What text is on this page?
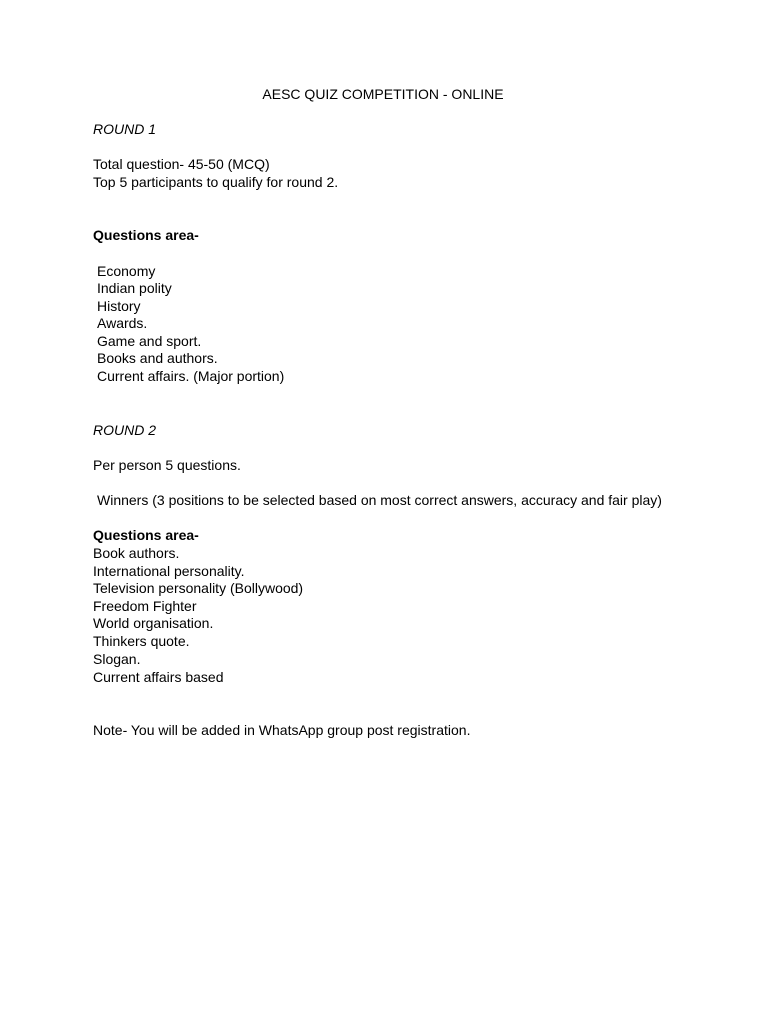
AESC QUIZ COMPETITION - ONLINE

ROUND 1

Total question- 45-50 (MCQ)

Top 5 participants to qualify for round 2.

Questions area-

Economy

Indian polity

History

Awards.

Game and sport.

Books and authors.

Current affairs. (Major portion)

ROUND 2

Per person 5 questions.

Winners (3 positions to be selected based on most correct answers, accuracy and fair play)

Questions area-

Book authors.

International personality.

Television personality (Bollywood)

Freedom Fighter

World organisation.

Thinkers quote.

Slogan.

Current affairs based

Note- You will be added in WhatsApp group post registration.
